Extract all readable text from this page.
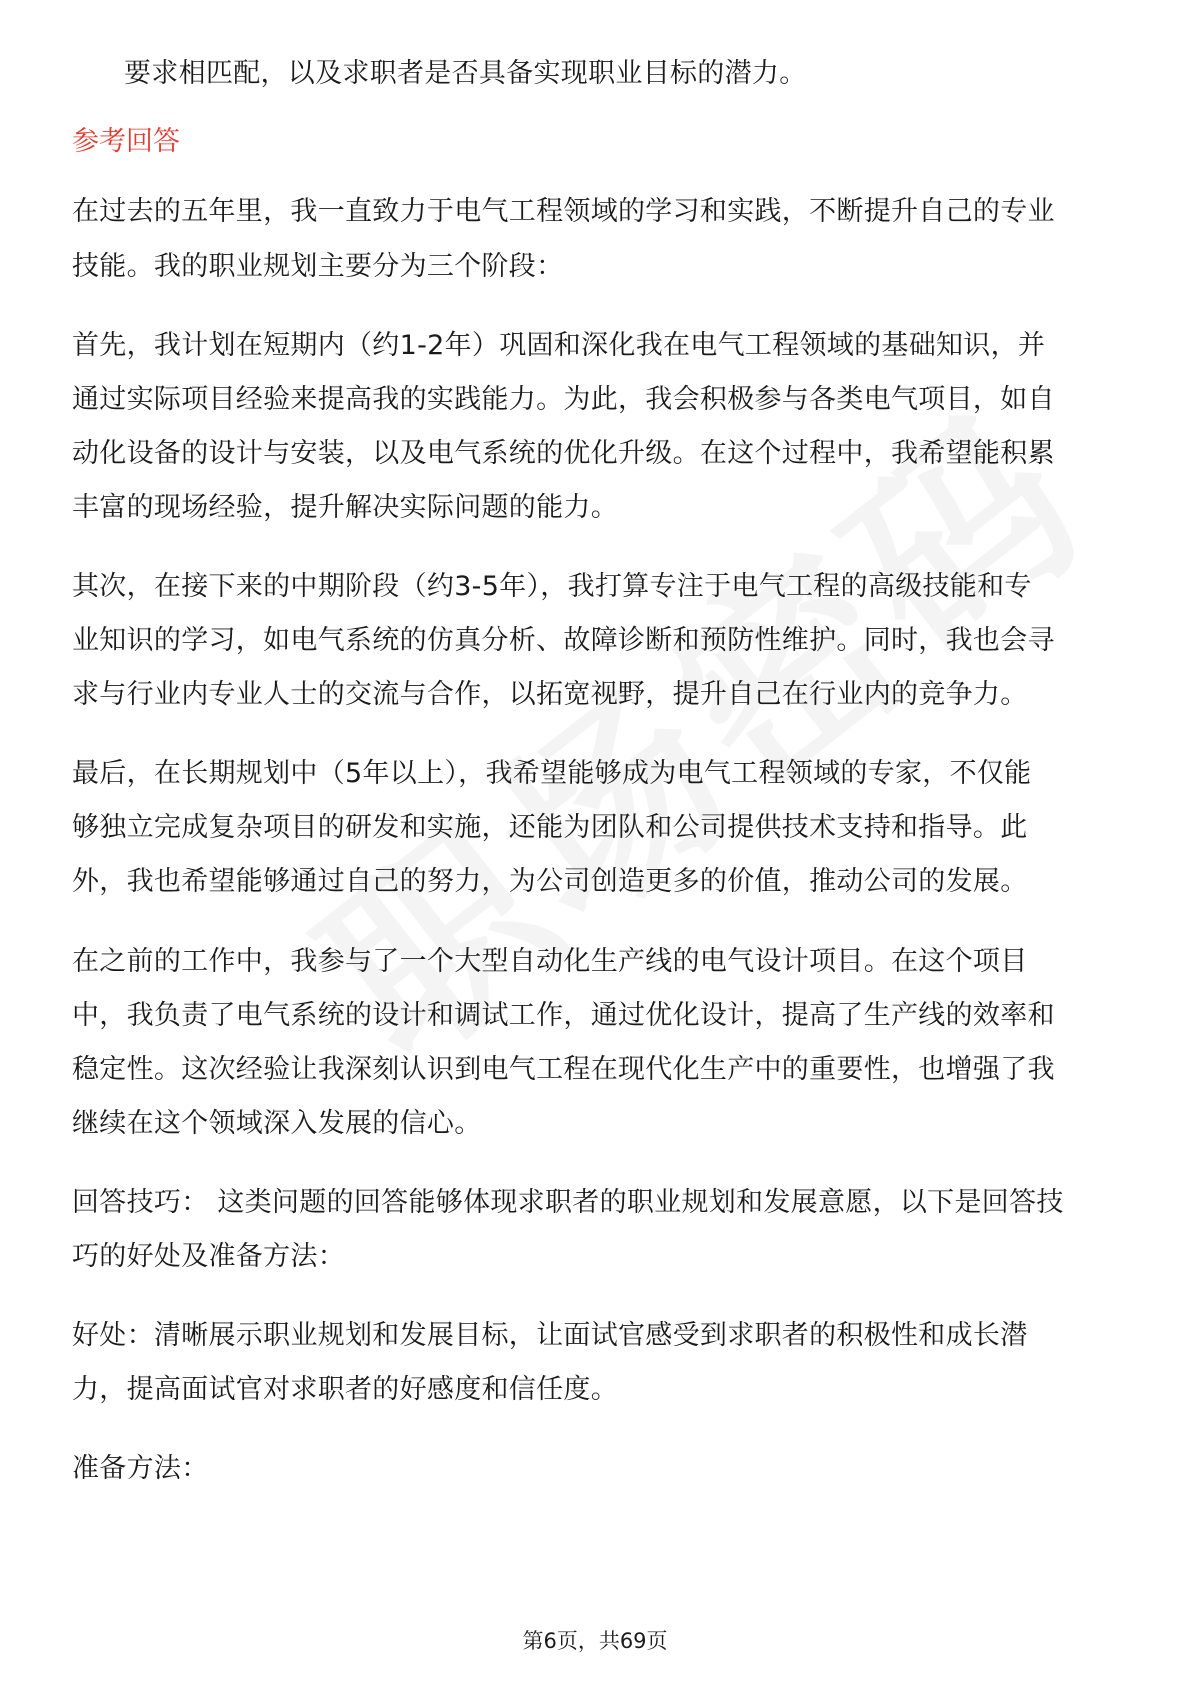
要求相匹配，以及求职者是否具备实现职业目标的潜力。

参考回答

在过去的五年里，我一直致力于电气工程领域的学习和实践，不断提升自己的专业

技能。我的职业规划主要分为三个阶段：

首先，我计划在短期内（约1-2年）巩固和深化我在电气工程领域的基础知识，并

通过实际项目经验来提高我的实践能力。为此，我会积极参与各类电气项目，如自

动化设备的设计与安装，以及电气系统的优化升级。在这个过程中，我希望能积累

丰富的现场经验，提升解决实际问题的能力。

其次，在接下来的中期阶段（约3-5年），我打算专注于电气工程的高级技能和专

业知识的学习，如电气系统的仿真分析、故障诊断和预防性维护。同时，我也会寻

求与行业内专业人士的交流与合作，以拓宽视野，提升自己在行业内的竞争力。

最后，在长期规划中（5年以上），我希望能够成为电气工程领域的专家，不仅能

够独立完成复杂项目的研发和实施，还能为团队和公司提供技术支持和指导。此

外，我也希望能够通过自己的努力，为公司创造更多的价值，推动公司的发展。

在之前的工作中，我参与了一个大型自动化生产线的电气设计项目。在这个项目

中，我负责了电气系统的设计和调试工作，通过优化设计，提高了生产线的效率和

稳定性。这次经验让我深刻认识到电气工程在现代化生产中的重要性，也增强了我

继续在这个领域深入发展的信心。

回答技巧： 这类问题的回答能够体现求职者的职业规划和发展意愿，以下是回答技

巧的好处及准备方法：

好处：清晰展示职业规划和发展目标，让面试官感受到求职者的积极性和成长潜

力，提高面试官对求职者的好感度和信任度。

准备方法：

第6页，共69页
